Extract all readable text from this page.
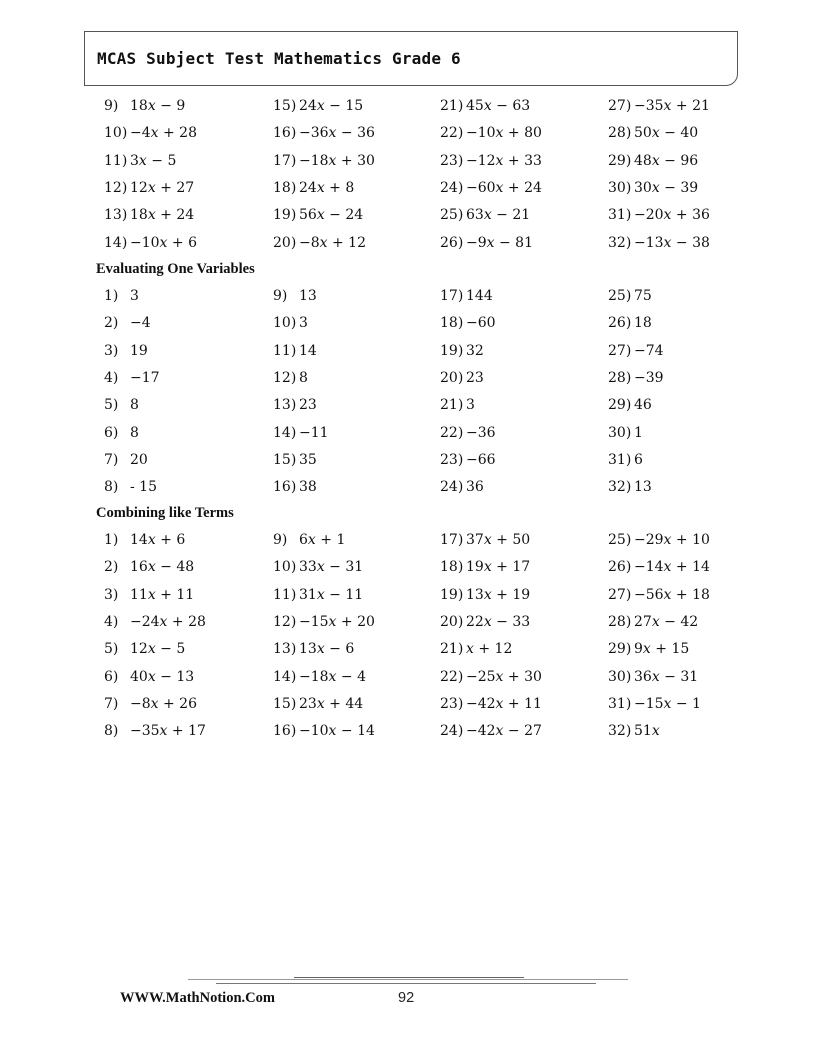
MCAS Subject Test Mathematics Grade 6
9) 18x − 9
10) −4x + 28
11) 3x − 5
12) 12x + 27
13) 18x + 24
14) −10x + 6
15) 24x − 15
16) −36x − 36
17) −18x + 30
18) 24x + 8
19) 56x − 24
20) −8x + 12
21) 45x − 63
22) −10x + 80
23) −12x + 33
24) −60x + 24
25) 63x − 21
26) −9x − 81
27) −35x + 21
28) 50x − 40
29) 48x − 96
30) 30x − 39
31) −20x + 36
32) −13x − 38
Evaluating One Variables
1) 3
2) −4
3) 19
4) −17
5) 8
6) 8
7) 20
8) - 15
9) 13
10) 3
11) 14
12) 8
13) 23
14) −11
15) 35
16) 38
17) 144
18) −60
19) 32
20) 23
21) 3
22) −36
23) −66
24) 36
25) 75
26) 18
27) −74
28) −39
29) 46
30) 1
31) 6
32) 13
Combining like Terms
1) 14x + 6
2) 16x − 48
3) 11x + 11
4) −24x + 28
5) 12x − 5
6) 40x − 13
7) −8x + 26
8) −35x + 17
9) 6x + 1
10) 33x − 31
11) 31x − 11
12) −15x + 20
13) 13x − 6
14) −18x − 4
15) 23x + 44
16) −10x − 14
17) 37x + 50
18) 19x + 17
19) 13x + 19
20) 22x − 33
21) x + 12
22) −25x + 30
23) −42x + 11
24) −42x − 27
25) −29x + 10
26) −14x + 14
27) −56x + 18
28) 27x − 42
29) 9x + 15
30) 36x − 31
31) −15x − 1
32) 51x
WWW.MathNotion.Com	92
